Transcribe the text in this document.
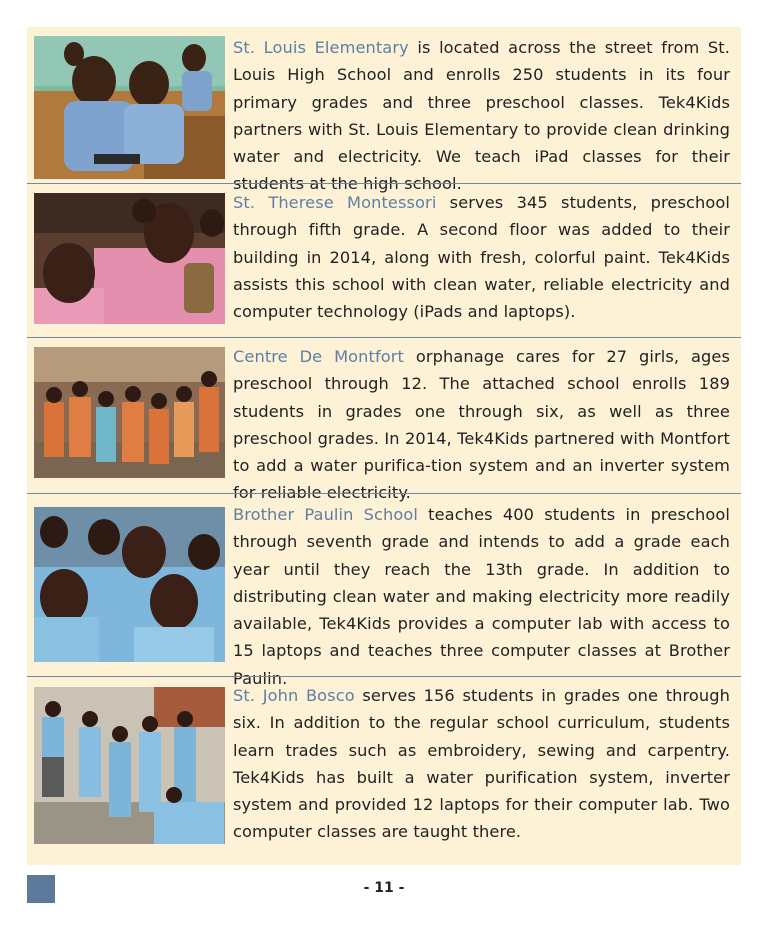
St. Louis Elementary is located across the street from St. Louis High School and enrolls 250 students in its four primary grades and three preschool classes. Tek4Kids partners with St. Louis Elementary to provide clean drinking water and electricity. We teach iPad classes for their students at the high school.
St. Therese Montessori serves 345 students, preschool through fifth grade. A second floor was added to their building in 2014, along with fresh, colorful paint. Tek4Kids assists this school with clean water, reliable electricity and computer technology (iPads and laptops).
Centre De Montfort orphanage cares for 27 girls, ages preschool through 12. The attached school enrolls 189 students in grades one through six, as well as three preschool grades. In 2014, Tek4Kids partnered with Montfort to add a water purifica-tion system and an inverter system for reliable electricity.
Brother Paulin School teaches 400 students in preschool through seventh grade and intends to add a grade each year until they reach the 13th grade. In addition to distributing clean water and making electricity more readily available, Tek4Kids provides a computer lab with access to 15 laptops and teaches three computer classes at Brother Paulin.
St. John Bosco serves 156 students in grades one through six. In addition to the regular school curriculum, students learn trades such as embroidery, sewing and carpentry. Tek4Kids has built a water purification system, inverter system and provided 12 laptops for their computer lab. Two computer classes are taught there.
- 11 -
